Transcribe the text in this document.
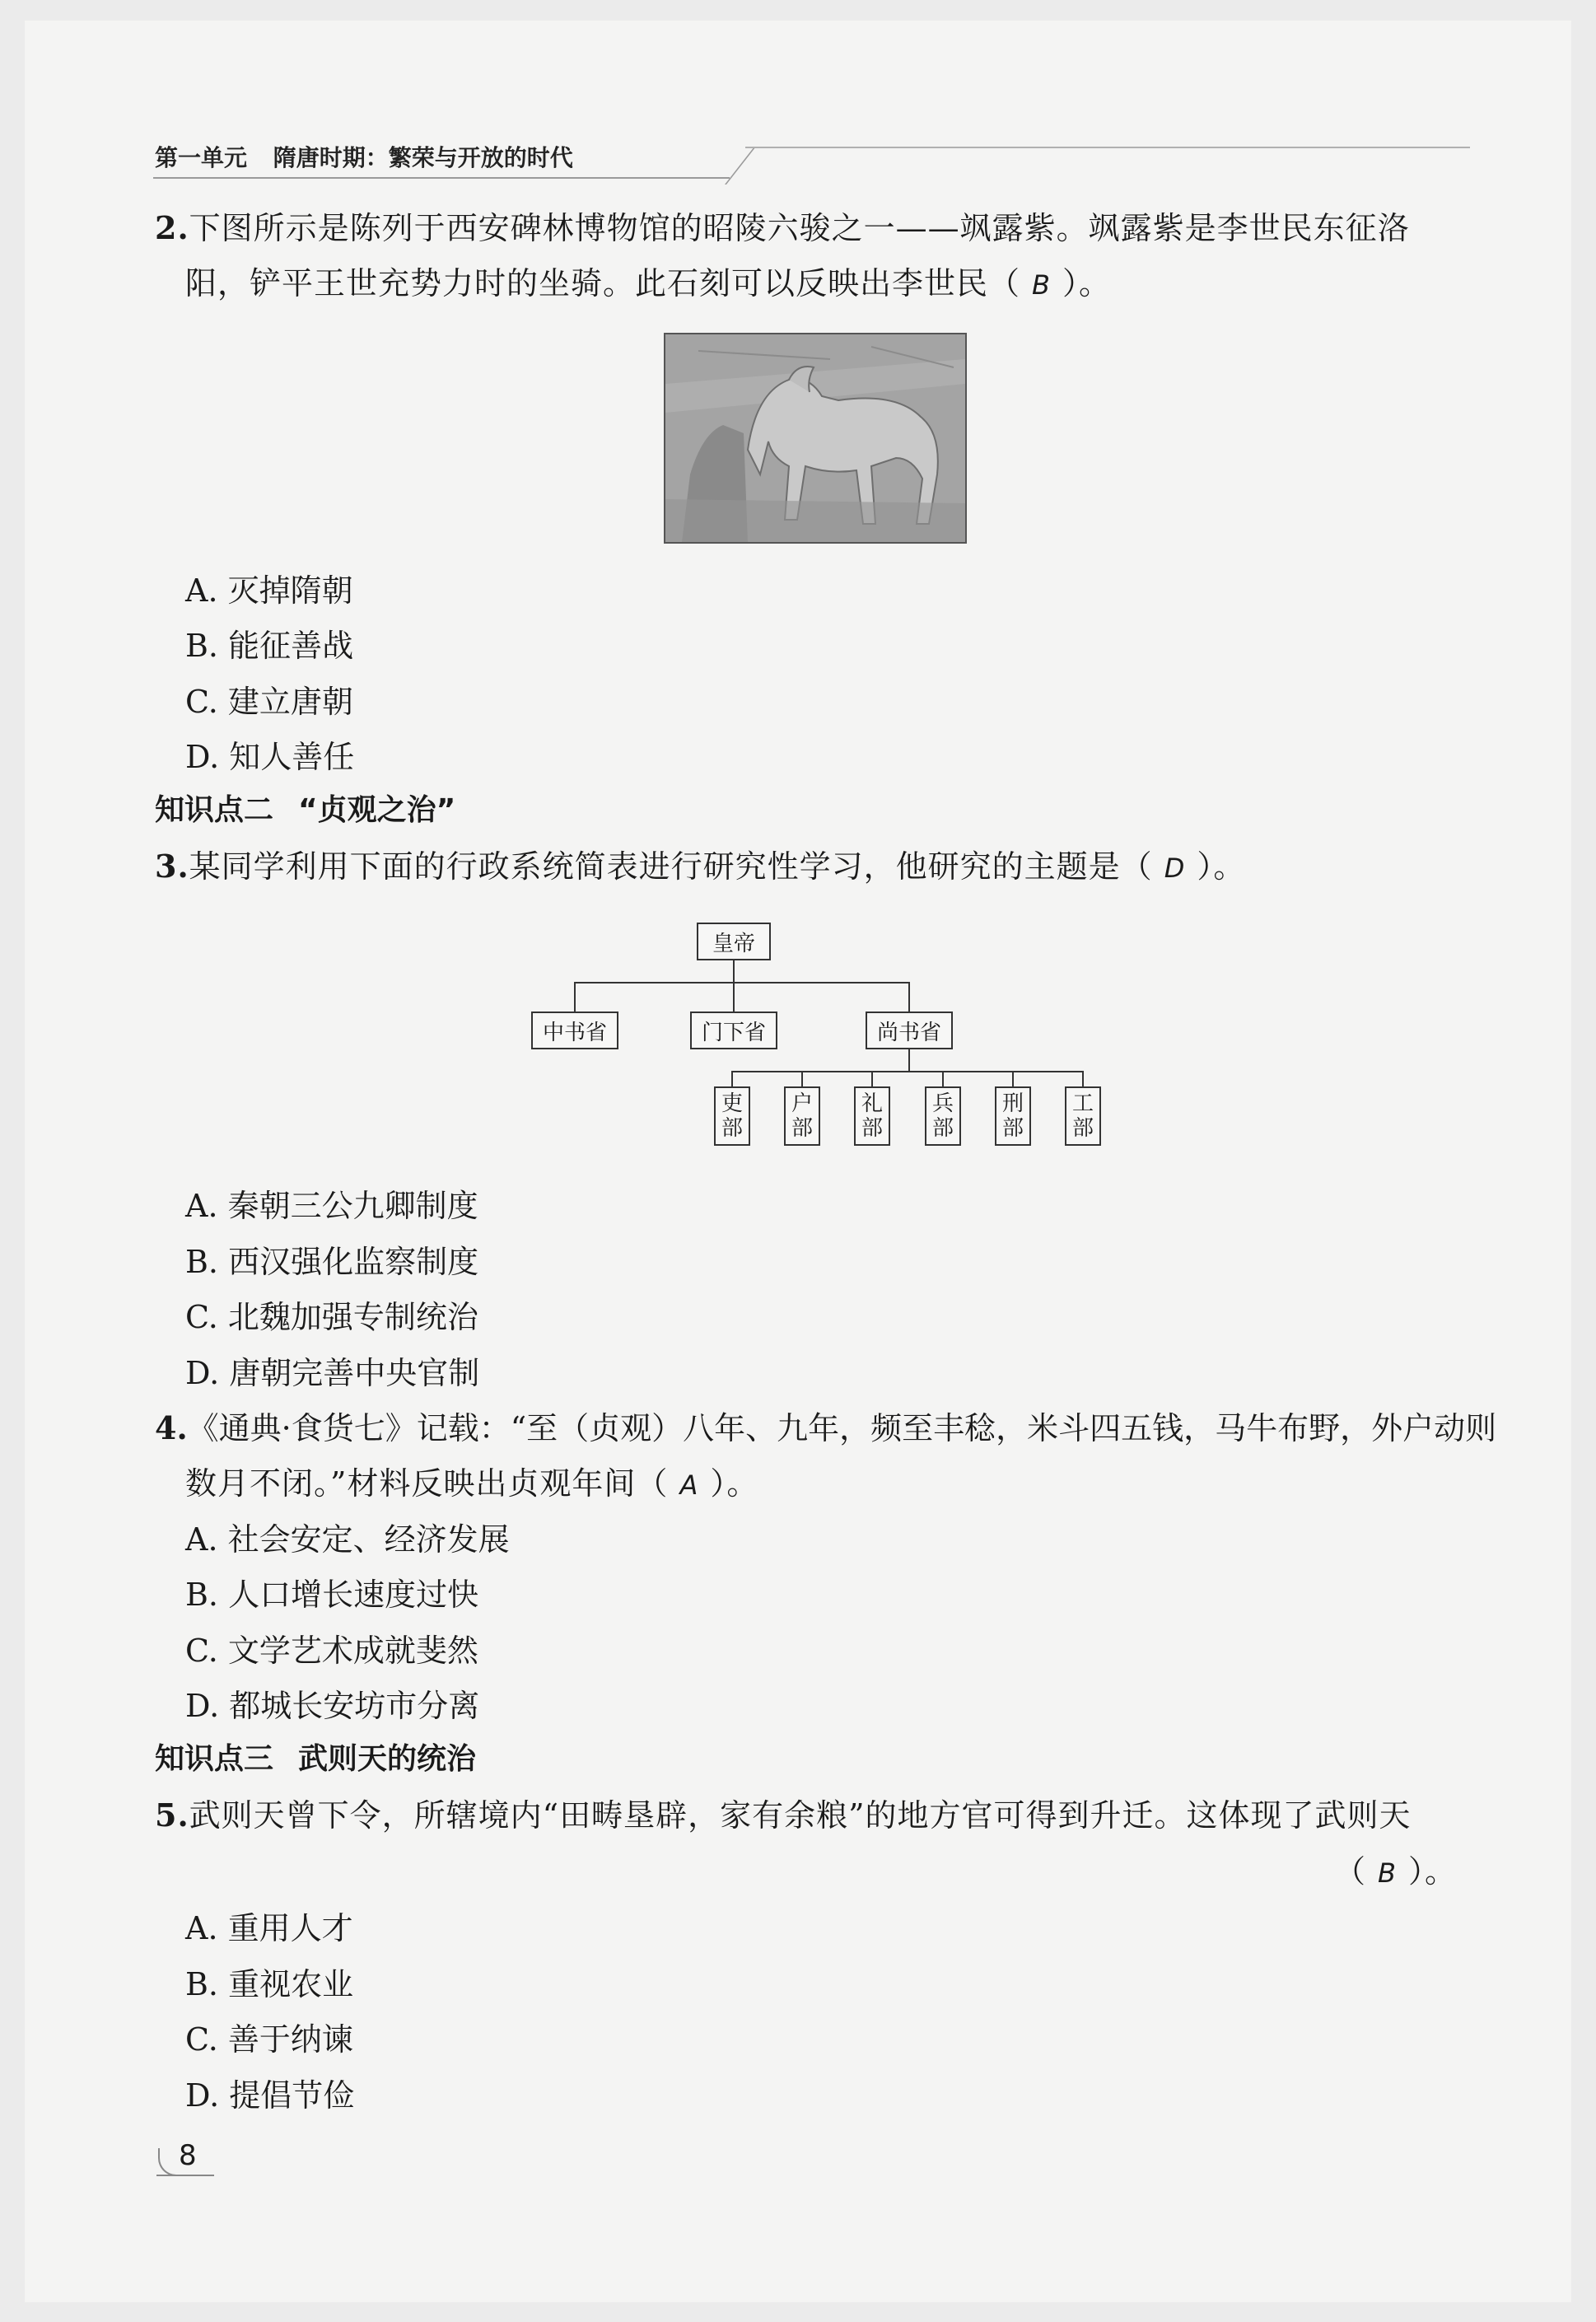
第一单元 隋唐时期：繁荣与开放的时代
2.下图所示是陈列于西安碑林博物馆的昭陵六骏之一——飒露紫。飒露紫是李世民东征洛
阳，铲平王世充势力时的坐骑。此石刻可以反映出李世民（ B ）。
A. 灭掉隋朝
B. 能征善战
C. 建立唐朝
D. 知人善任
知识点二 “贞观之治”
3.某同学利用下面的行政系统简表进行研究性学习，他研究的主题是（ D ）。
皇帝
中书省	门下省	尚书省
吏
部
户
部
礼
部
兵
部
刑
部
工
部
A. 秦朝三公九卿制度
B. 西汉强化监察制度
C. 北魏加强专制统治
D. 唐朝完善中央官制
4.《通典·食货七》记载：“至（贞观）八年、九年，频至丰稔，米斗四五钱，马牛布野，外户动则
数月不闭。”材料反映出贞观年间（ A ）。
A. 社会安定、经济发展
B. 人口增长速度过快
C. 文学艺术成就斐然
D. 都城长安坊市分离
知识点三 武则天的统治
5.武则天曾下令，所辖境内“田畴垦辟，家有余粮”的地方官可得到升迁。这体现了武则天
（ B ）。
A. 重用人才
B. 重视农业
C. 善于纳谏
D. 提倡节俭
8
